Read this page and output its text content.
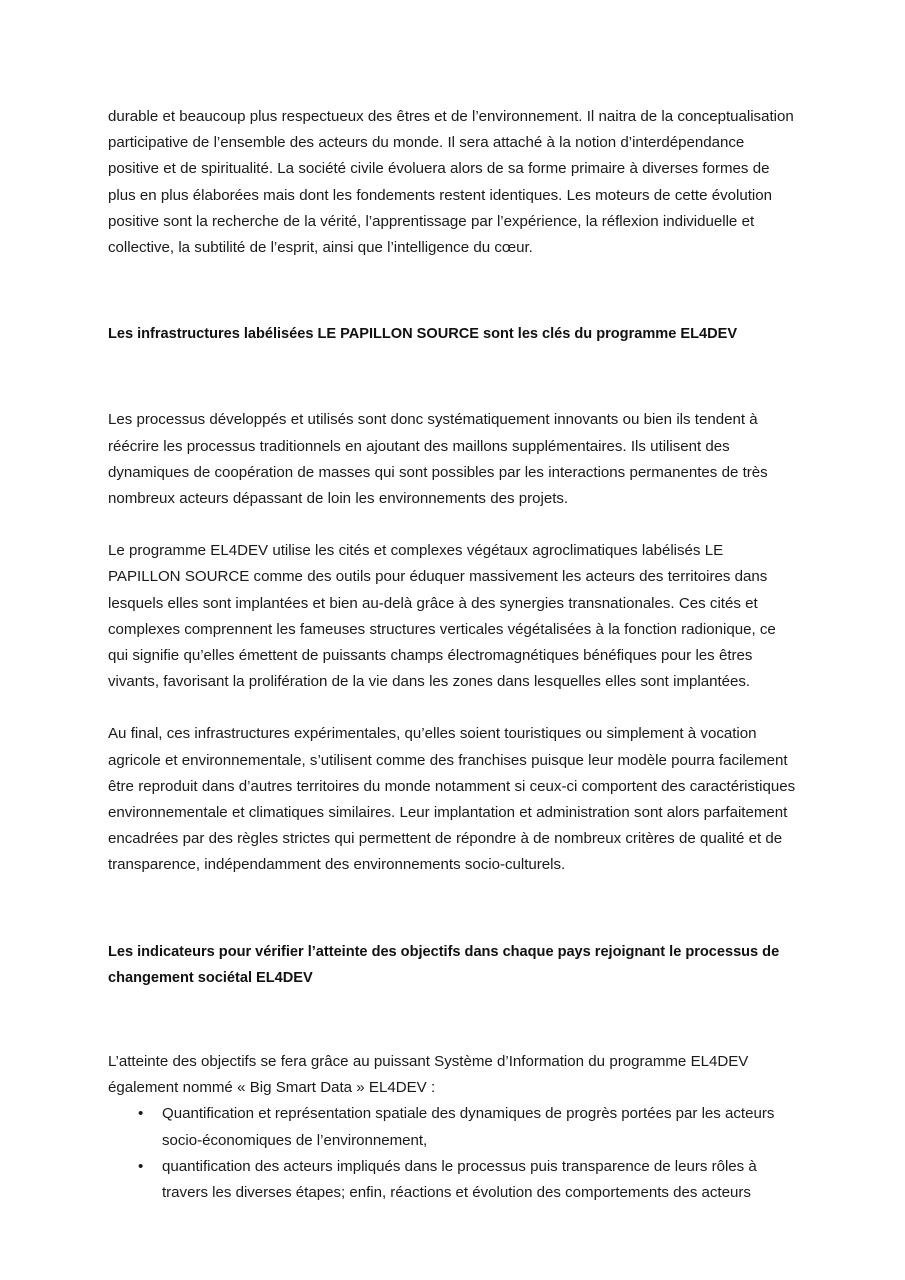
durable et beaucoup plus respectueux des êtres et de l’environnement. Il naitra de la conceptualisation participative de l’ensemble des acteurs du monde. Il sera attaché à la notion d’interdépendance positive et de spiritualité. La société civile évoluera alors de sa forme primaire à diverses formes de plus en plus élaborées mais dont les fondements restent identiques. Les moteurs de cette évolution positive sont la recherche de la vérité, l’apprentissage par l’expérience, la réflexion individuelle et collective, la subtilité de l’esprit, ainsi que l’intelligence du cœur.

Les infrastructures labélisées LE PAPILLON SOURCE sont les clés du programme EL4DEV

Les processus développés et utilisés sont donc systématiquement innovants ou bien ils tendent à réécrire les processus traditionnels en ajoutant des maillons supplémentaires. Ils utilisent des dynamiques de coopération de masses qui sont possibles par les interactions permanentes de très nombreux acteurs dépassant de loin les environnements des projets.

Le programme EL4DEV utilise les cités et complexes végétaux agroclimatiques labélisés LE PAPILLON SOURCE comme des outils pour éduquer massivement les acteurs des territoires dans lesquels elles sont implantées et bien au-delà grâce à des synergies transnationales. Ces cités et complexes comprennent les fameuses structures verticales végétalisées à la fonction radionique, ce qui signifie qu’elles émettent de puissants champs électromagnétiques bénéfiques pour les êtres vivants, favorisant la prolifération de la vie dans les zones dans lesquelles elles sont implantées.

Au final, ces infrastructures expérimentales, qu’elles soient touristiques ou simplement à vocation agricole et environnementale, s’utilisent comme des franchises puisque leur modèle pourra facilement être reproduit dans d’autres territoires du monde notamment si ceux-ci comportent des caractéristiques environnementale et climatiques similaires. Leur implantation et administration sont alors parfaitement encadrées par des règles strictes qui permettent de répondre à de nombreux critères de qualité et de transparence, indépendamment des environnements socio-culturels.

Les indicateurs pour vérifier l’atteinte des objectifs dans chaque pays rejoignant le processus de changement sociétal EL4DEV

L’atteinte des objectifs se fera grâce au puissant Système d’Information du programme EL4DEV également nommé « Big Smart Data » EL4DEV :

• Quantification et représentation spatiale des dynamiques de progrès portées par les acteurs socio-économiques de l’environnement,
• quantification des acteurs impliqués dans le processus puis transparence de leurs rôles à travers les diverses étapes; enfin, réactions et évolution des comportements des acteurs
